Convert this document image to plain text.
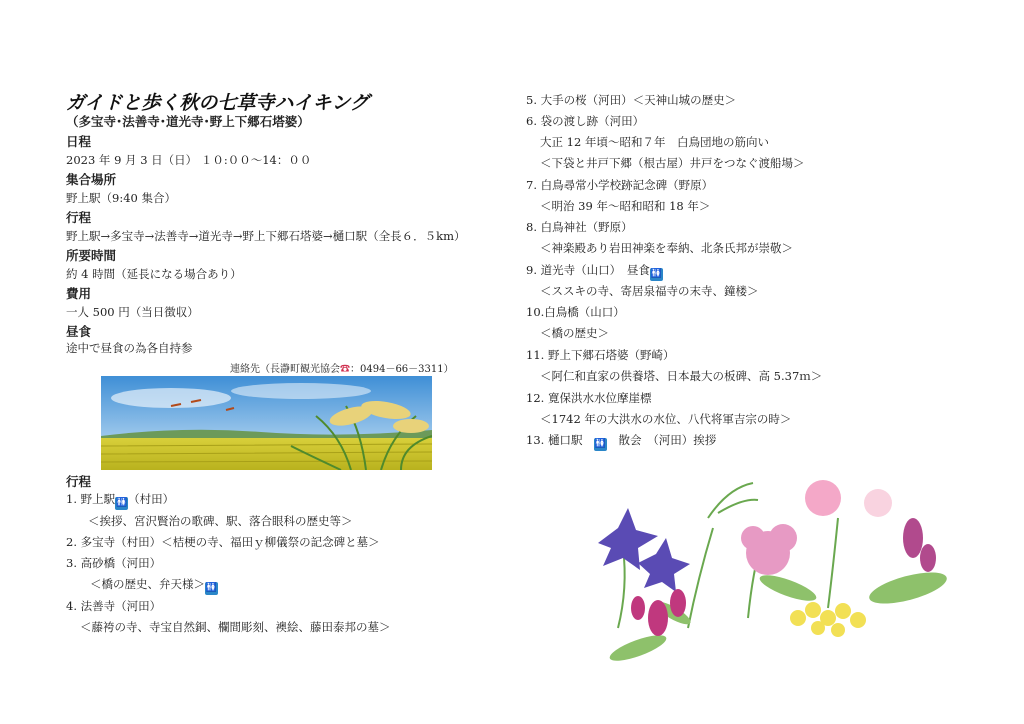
ガイドと歩く秋の七草寺ハイキング
（多宝寺･法善寺･道光寺･野上下郷石塔婆）
日程
2023 年 9 月 3 日（日） １０:００〜14：００
集合場所
野上駅（9:40 集合）
行程
野上駅→多宝寺→法善寺→道光寺→野上下郷石塔婆→樋口駅（全長６．５km）
所要時間
約 4 時間（延長になる場合あり）
費用
一人 500 円（当日徴収）
昼食
途中で昼食の為各自持参
連絡先（長瀞町観光協会☎：0494－66－3311）
行程
1. 野上駅🚻（村田）
＜挨拶、宮沢賢治の歌碑、駅、落合眼科の歴史等＞
2. 多宝寺（村田）＜桔梗の寺、福田ｙ柳儀祭の記念碑と墓＞
3. 高砂橋（河田）
＜橋の歴史、弁天様＞🚻
4. 法善寺（河田）
＜藤袴の寺、寺宝自然銅、欄間彫刻、襖絵、藤田泰邦の墓＞
5. 大手の桜（河田）＜天神山城の歴史＞
6. 袋の渡し跡（河田）
大正 12 年頃〜昭和７年　白鳥団地の筋向い
＜下袋と井戸下郷（根古屋）井戸をつなぐ渡船場＞
7. 白鳥尋常小学校跡記念碑（野原）
＜明治 39 年〜昭和昭和 18 年＞
8. 白鳥神社（野原）
＜神楽殿あり岩田神楽を奉納、北条氏邦が崇敬＞
9. 道光寺（山口）　昼食🚻
＜ススキの寺、寄居泉福寺の末寺、鐘楼＞
10.白鳥橋（山口）
＜橋の歴史＞
11. 野上下郷石塔婆（野崎）
＜阿仁和直家の供養塔、日本最大の板碑、高 5.37ｍ＞
12. 寛保洪水水位摩崖標
＜1742 年の大洪水の水位、八代将軍吉宗の時＞
13. 樋口駅　 🚻　 散会　（河田）挨拶
